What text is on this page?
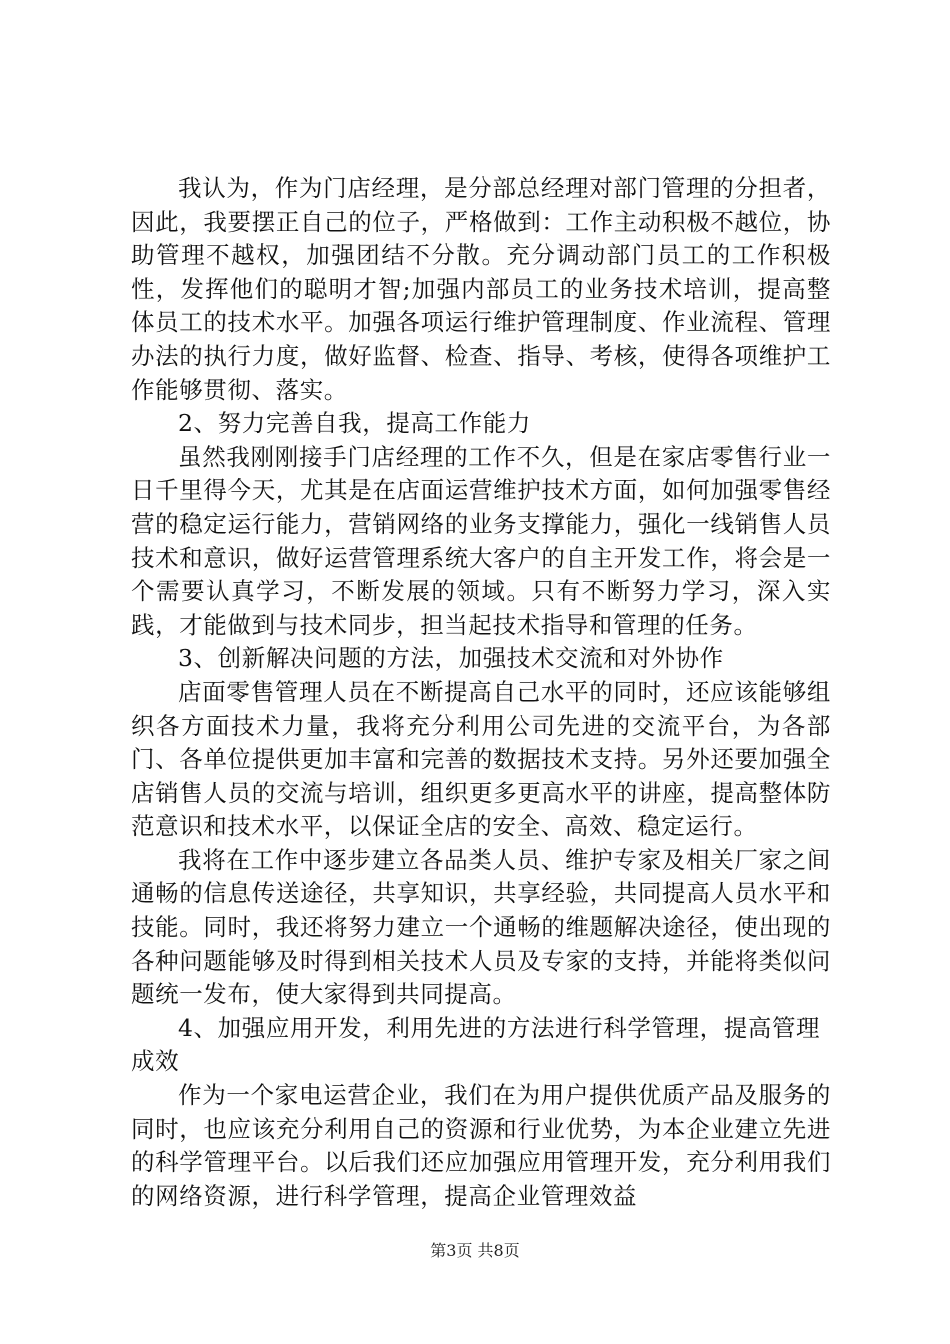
我认为，作为门店经理，是分部总经理对部门管理的分担者，因此，我要摆正自己的位子，严格做到：工作主动积极不越位，协助管理不越权，加强团结不分散。充分调动部门员工的工作积极性，发挥他们的聪明才智;加强内部员工的业务技术培训，提高整体员工的技术水平。加强各项运行维护管理制度、作业流程、管理办法的执行力度，做好监督、检查、指导、考核，使得各项维护工作能够贯彻、落实。

2、努力完善自我，提高工作能力

虽然我刚刚接手门店经理的工作不久，但是在家店零售行业一日千里得今天，尤其是在店面运营维护技术方面，如何加强零售经营的稳定运行能力，营销网络的业务支撑能力，强化一线销售人员技术和意识，做好运营管理系统大客户的自主开发工作，将会是一个需要认真学习，不断发展的领域。只有不断努力学习，深入实践，才能做到与技术同步，担当起技术指导和管理的任务。

3、创新解决问题的方法，加强技术交流和对外协作

店面零售管理人员在不断提高自己水平的同时，还应该能够组织各方面技术力量，我将充分利用公司先进的交流平台，为各部门、各单位提供更加丰富和完善的数据技术支持。另外还要加强全店销售人员的交流与培训，组织更多更高水平的讲座，提高整体防范意识和技术水平，以保证全店的安全、高效、稳定运行。

我将在工作中逐步建立各品类人员、维护专家及相关厂家之间通畅的信息传送途径，共享知识，共享经验，共同提高人员水平和技能。同时，我还将努力建立一个通畅的维题解决途径，使出现的各种问题能够及时得到相关技术人员及专家的支持，并能将类似问题统一发布，使大家得到共同提高。

4、加强应用开发，利用先进的方法进行科学管理，提高管理成效

作为一个家电运营企业，我们在为用户提供优质产品及服务的同时，也应该充分利用自己的资源和行业优势，为本企业建立先进的科学管理平台。以后我们还应加强应用管理开发，充分利用我们的网络资源，进行科学管理，提高企业管理效益

第3页 共8页
